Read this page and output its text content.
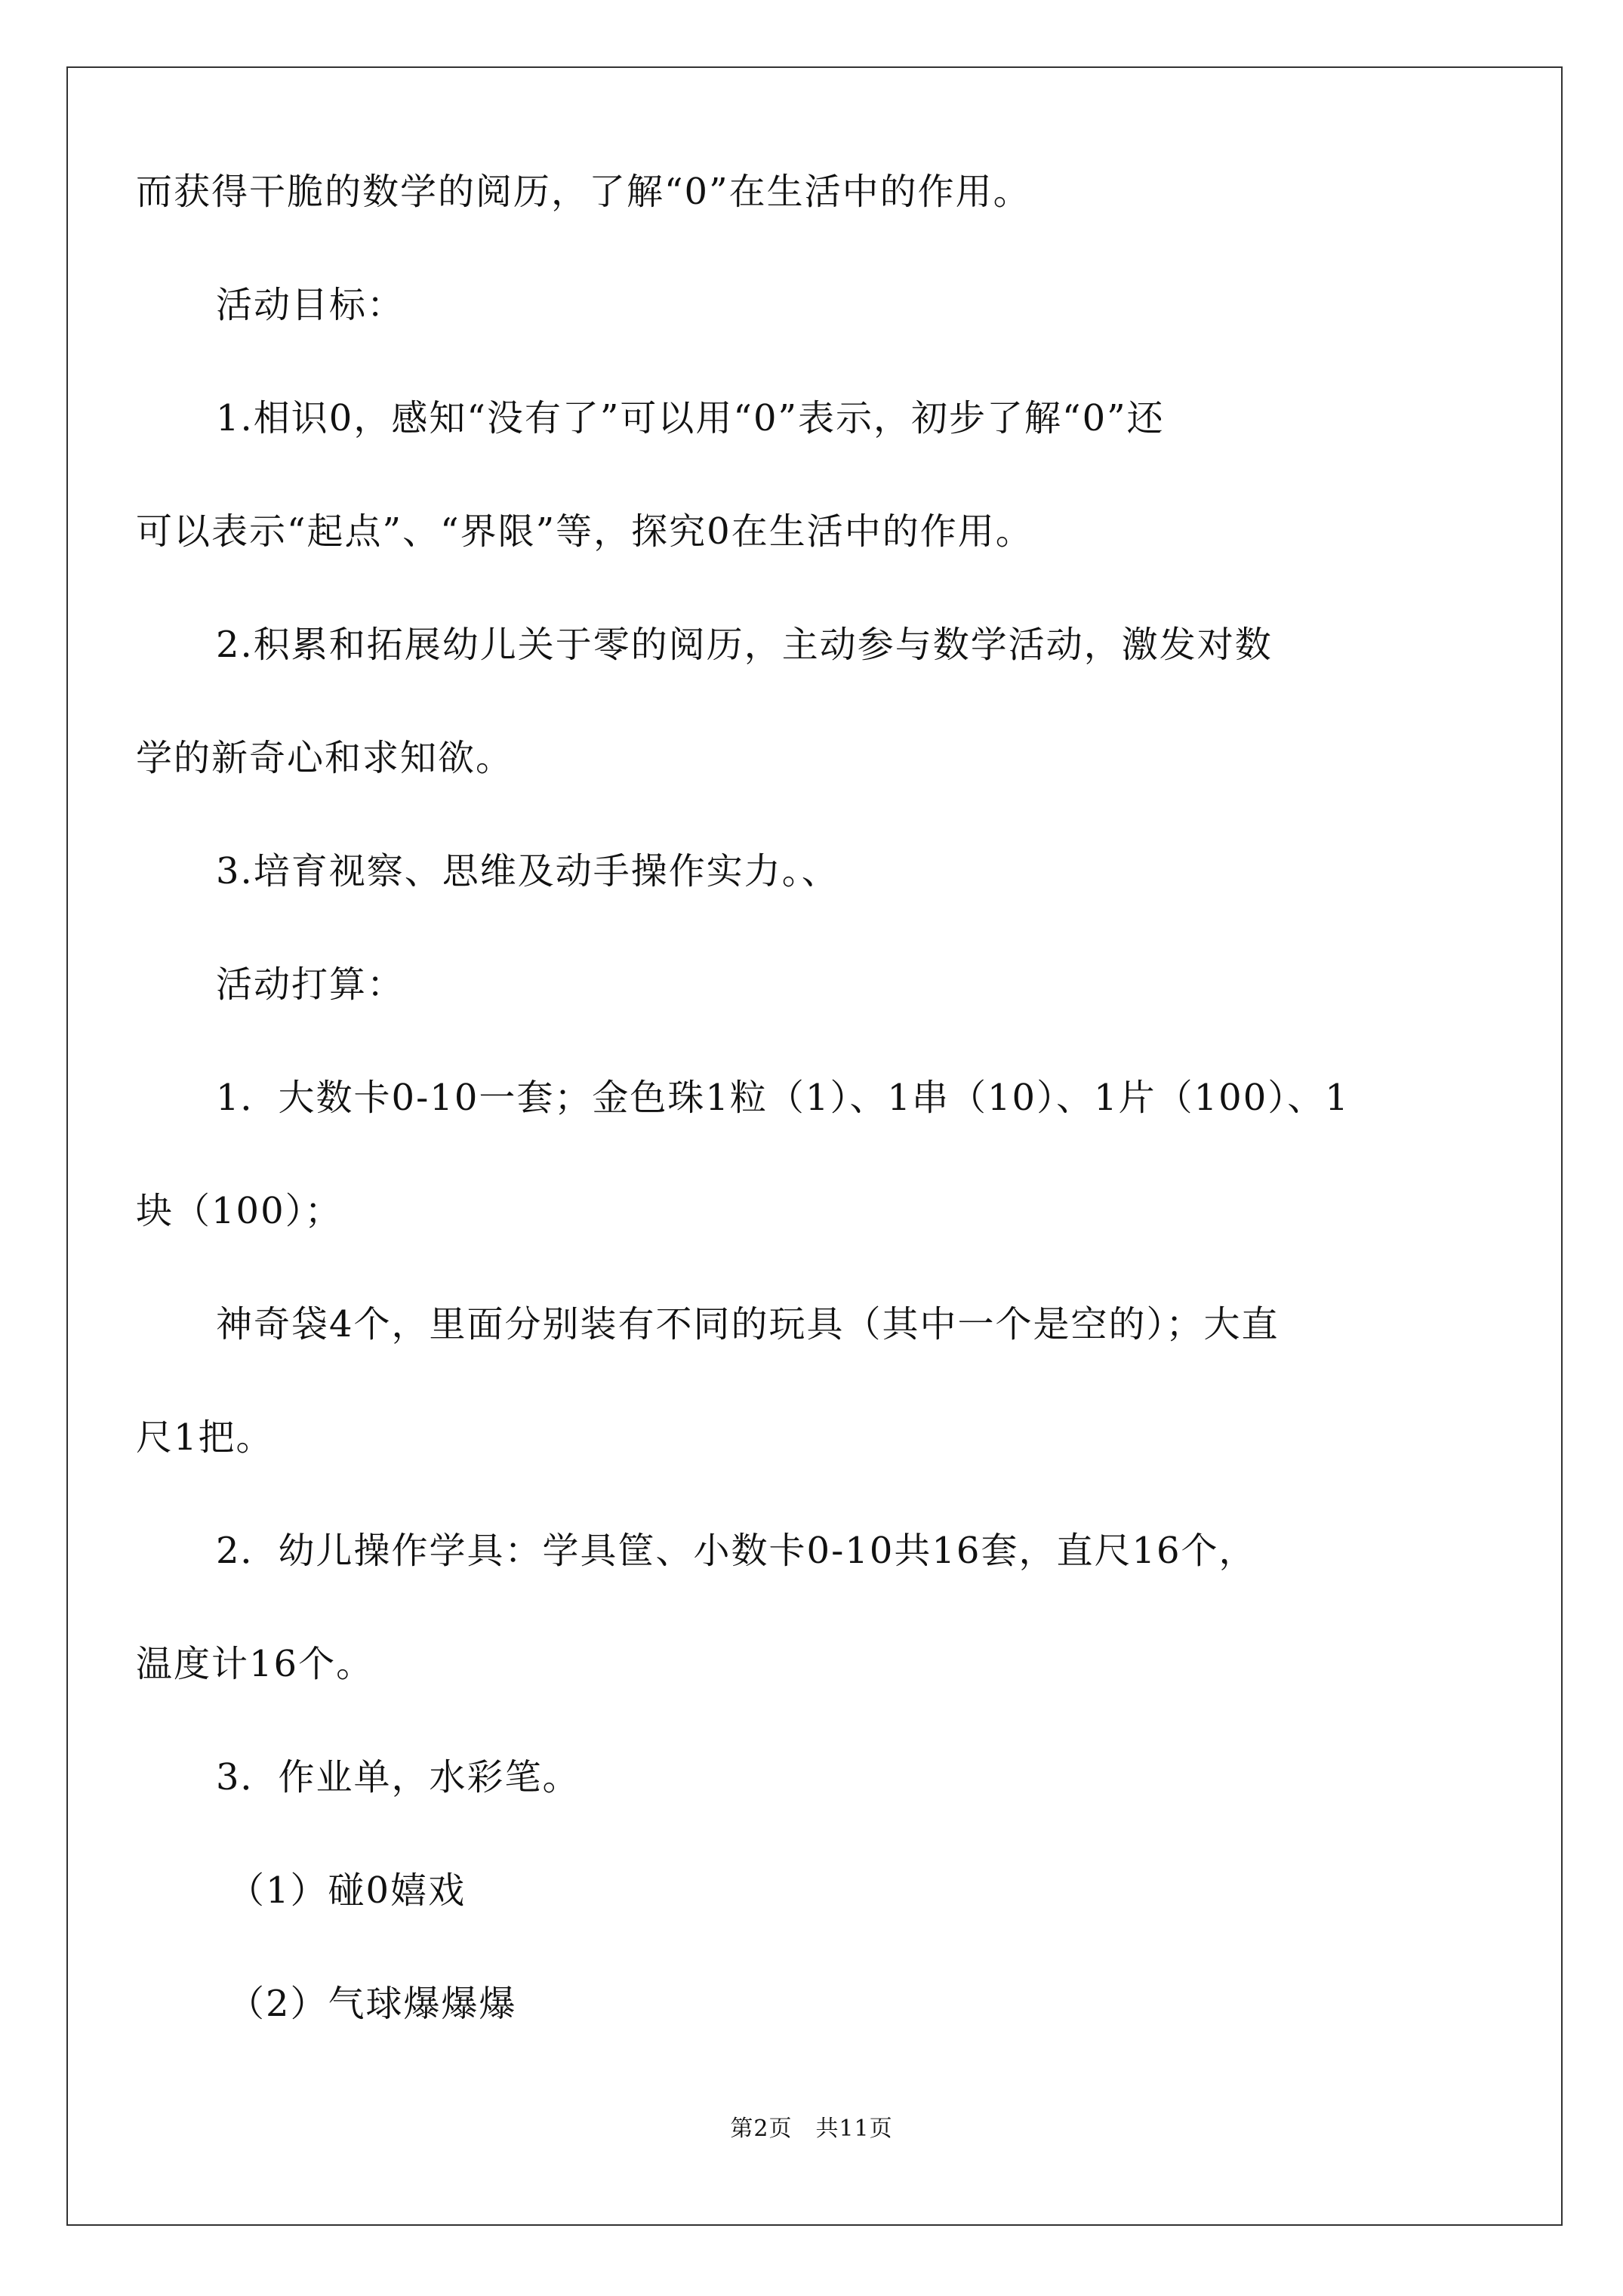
而获得干脆的数学的阅历，了解“0”在生活中的作用。
活动目标：
1.相识0，感知“没有了”可以用“0”表示，初步了解“0”还
可以表示“起点”、“界限”等，探究0在生活中的作用。
2.积累和拓展幼儿关于零的阅历，主动参与数学活动，激发对数
学的新奇心和求知欲。
3.培育视察、思维及动手操作实力。、
活动打算：
1．大数卡0-10一套；金色珠1粒（1）、1串（10）、1片（100）、1
块（100）；
神奇袋4个，里面分别装有不同的玩具（其中一个是空的）；大直
尺1把。
2．幼儿操作学具：学具筐、小数卡0-10共16套，直尺16个，
温度计16个。
3．作业单，水彩笔。
（1）碰0嬉戏
（2）气球爆爆爆
第2页　共11页
